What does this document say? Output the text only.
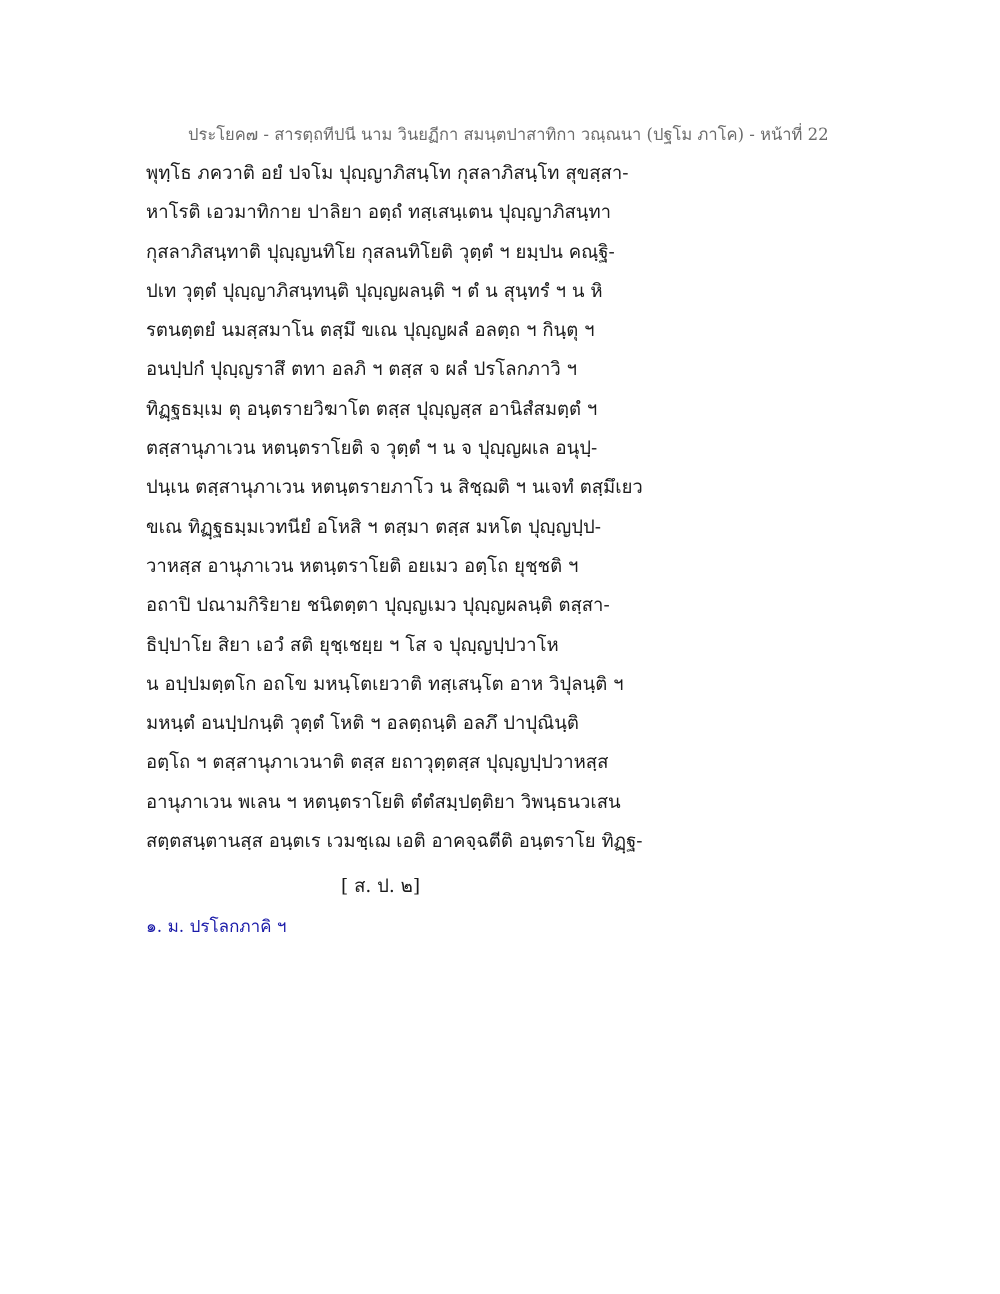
ประโยค๗ - สารตฺถทีปนี นาม วินยฏีกา สมนฺตปาสาทิกา วณฺณนา (ปฐโม ภาโค) - หน้าที่ 22
พุทฺโธ ภควาติ อยํ ปจโม ปุญฺญาภิสนฺโท กุสลาภิสนฺโท สุขสฺสา-
หาโรติ เอวมาทิกาย ปาลิยา อตฺถํ ทสฺเสนฺเตน ปุญฺญาภิสนฺทา
กุสลาภิสนฺทาติ ปุญฺญนทิโย กุสลนทิโยติ วุตฺตํ ฯ ยมฺปน คณฺฐิ-
ปเท วุตฺตํ ปุญฺญาภิสนฺทนฺติ ปุญฺญผลนฺติ ฯ ตํ น สุนฺทรํ ฯ น หิ
รตนตฺตยํ นมสฺสมาโน ตสฺมึ ขเณ ปุญฺญผลํ อลตฺถ ฯ กินฺตุ ฯ
อนปฺปกํ ปุญฺญราสึ ตทา อลภิ ฯ ตสฺส จ ผลํ ปรโลกภาวิ ฯ
ทิฏฺฐธมฺเม ตุ อนฺตรายวิฆาโต ตสฺส ปุญฺญสฺส อานิสํสมตฺตํ ฯ
ตสฺสานุภาเวน หตนฺตราโยติ จ วุตฺตํ ฯ น จ ปุญฺญผเล อนุปฺ-
ปนฺเน ตสฺสานุภาเวน หตนฺตรายภาโว น สิชฺฌติ ฯ นเจทํ ตสฺมึเยว
ขเณ ทิฏฺฐธมฺมเวทนียํ อโหสิ ฯ ตสฺมา ตสฺส มหโต ปุญฺญปฺป-
วาหสฺส อานุภาเวน หตนฺตราโยติ อยเมว อตฺโถ ยุชฺชติ ฯ
อถาปิ ปณามกิริยาย ชนิตตฺตา ปุญฺญเมว ปุญฺญผลนฺติ ตสฺสา-
ธิปฺปาโย สิยา เอวํ สติ ยุชฺเชยฺย ฯ โส จ ปุญฺญปฺปวาโห
น อปฺปมตฺตโก อถโข มหนฺโตเยวาติ ทสฺเสนฺโต อาห วิปุลนฺติ ฯ
มหนฺตํ อนปฺปกนฺติ วุตฺตํ โหติ ฯ อลตฺถนฺติ อลภึ ปาปุณินฺติ
อตฺโถ ฯ ตสฺสานุภาเวนาติ ตสฺส ยถาวุตฺตสฺส ปุญฺญปฺปวาหสฺส
อานุภาเวน พเลน ฯ หตนฺตราโยติ ตํตํสมฺปตฺติยา วิพนฺธนวเสน
สตฺตสนฺตานสฺส อนฺตเร เวมชฺเฌ เอติ อาคจฺฉตีติ อนฺตราโย ทิฏฺฐ-
[ ส. ป. ๒]
๑. ม. ปรโลกภาคิ ฯ
